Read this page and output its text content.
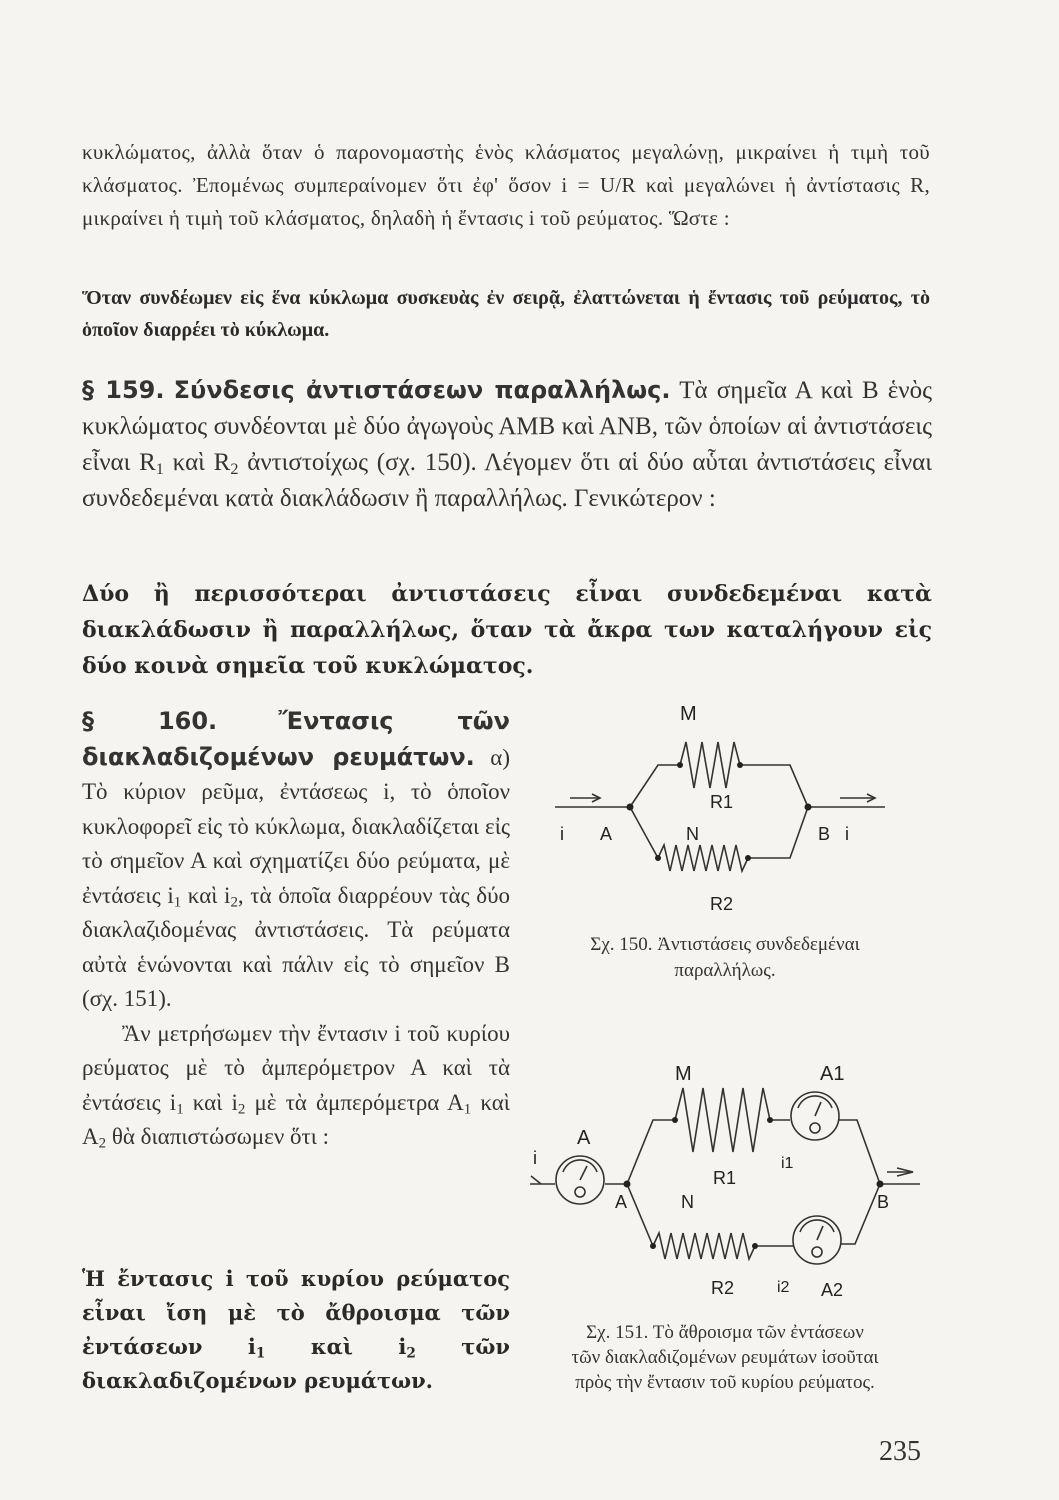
κυκλώματος, ἀλλὰ ὅταν ὁ παρονομαστὴς ἑνὸς κλάσματος μεγαλώνῃ, μικραίνει ἡ τιμὴ τοῦ κλάσματος. Ἐπομένως συμπεραίνομεν ὅτι ἐφ' ὅσον i = U/R καὶ μεγαλώνει ἡ ἀντίστασις R, μικραίνει ἡ τιμὴ τοῦ κλάσματος, δηλαδὴ ἡ ἔντασις i τοῦ ρεύματος. Ὥστε :
Ὅταν συνδέωμεν εἰς ἕνα κύκλωμα συσκευὰς ἐν σειρᾷ, ἐλαττώνεται ἡ ἔντασις τοῦ ρεύματος, τὸ ὁποῖον διαρρέει τὸ κύκλωμα.
§ 159. Σύνδεσις ἀντιστάσεων παραλλήλως. Τὰ σημεῖα Α καὶ Β ἑνὸς κυκλώματος συνδέονται μὲ δύο ἀγωγοὺς ΑΜΒ καὶ ΑΝΒ, τῶν ὁποίων αἱ ἀντιστάσεις εἶναι $R_1$ καὶ $R_2$ ἀντιστοίχως (σχ. 150). Λέγομεν ὅτι αἱ δύο αὗται ἀντιστάσεις εἶναι συνδεδεμέναι κατὰ διακλάδωσιν ἢ παραλλήλως. Γενικώτερον :
Δύο ἢ περισσότεραι ἀντιστάσεις εἶναι συνδεδεμέναι κατὰ διακλάδωσιν ἢ παραλλήλως, ὅταν τὰ ἄκρα των καταλήγουν εἰς δύο κοινὰ σημεῖα τοῦ κυκλώματος.

§ 160.	Ἔντασις τῶν διακλαδιζομένων ρευμάτων. α) Τὸ κύριον ρεῦμα, ἐντάσεως i, τὸ ὁποῖον κυκλοφορεῖ εἰς τὸ κύκλωμα, διακλαδίζεται εἰς τὸ σημεῖον Α καὶ σχηματίζει δύο ρεύματα, μὲ ἐντάσεις $i_1$ καὶ $i_2$, τὰ ὁποῖα διαρρέουν τὰς δύο διακλαζιδομένας ἀντιστάσεις. Τὰ ρεύματα αὐτὰ ἑνώνονται καὶ πάλιν εἰς τὸ σημεῖον Β (σχ. 151).

Ἂν μετρήσωμεν τὴν ἔντασιν i τοῦ κυρίου ρεύματος μὲ τὸ ἀμπερόμετρον Α καὶ τὰ ἐντάσεις $i_1$ καὶ $i_2$ μὲ τὰ ἀμπερόμετρα $A_1$ καὶ $A_2$ θὰ διαπιστώσωμεν ὅτι :

Ἡ ἔντασις i τοῦ κυρίου ρεύματος εἶναι ἴση μὲ τὸ ἄθροισμα τῶν ἐντάσεων $i_1$ καὶ $i_2$ τῶν διακλαδιζομένων ρευμάτων.
M
R1
N
R2
A
i	B i
Σχ. 150. Ἀντιστάσεις συνδεδεμέναι
παραλλήλως.
M	A1
A
i
R1
i1
A	N	B
R2	i2 A2
Σχ. 151. Τὸ ἄθροισμα τῶν ἐντάσεων
τῶν διακλαδιζομένων ρευμάτων ἰσοῦται
πρὸς τὴν ἔντασιν τοῦ κυρίου ρεύματος.
235
